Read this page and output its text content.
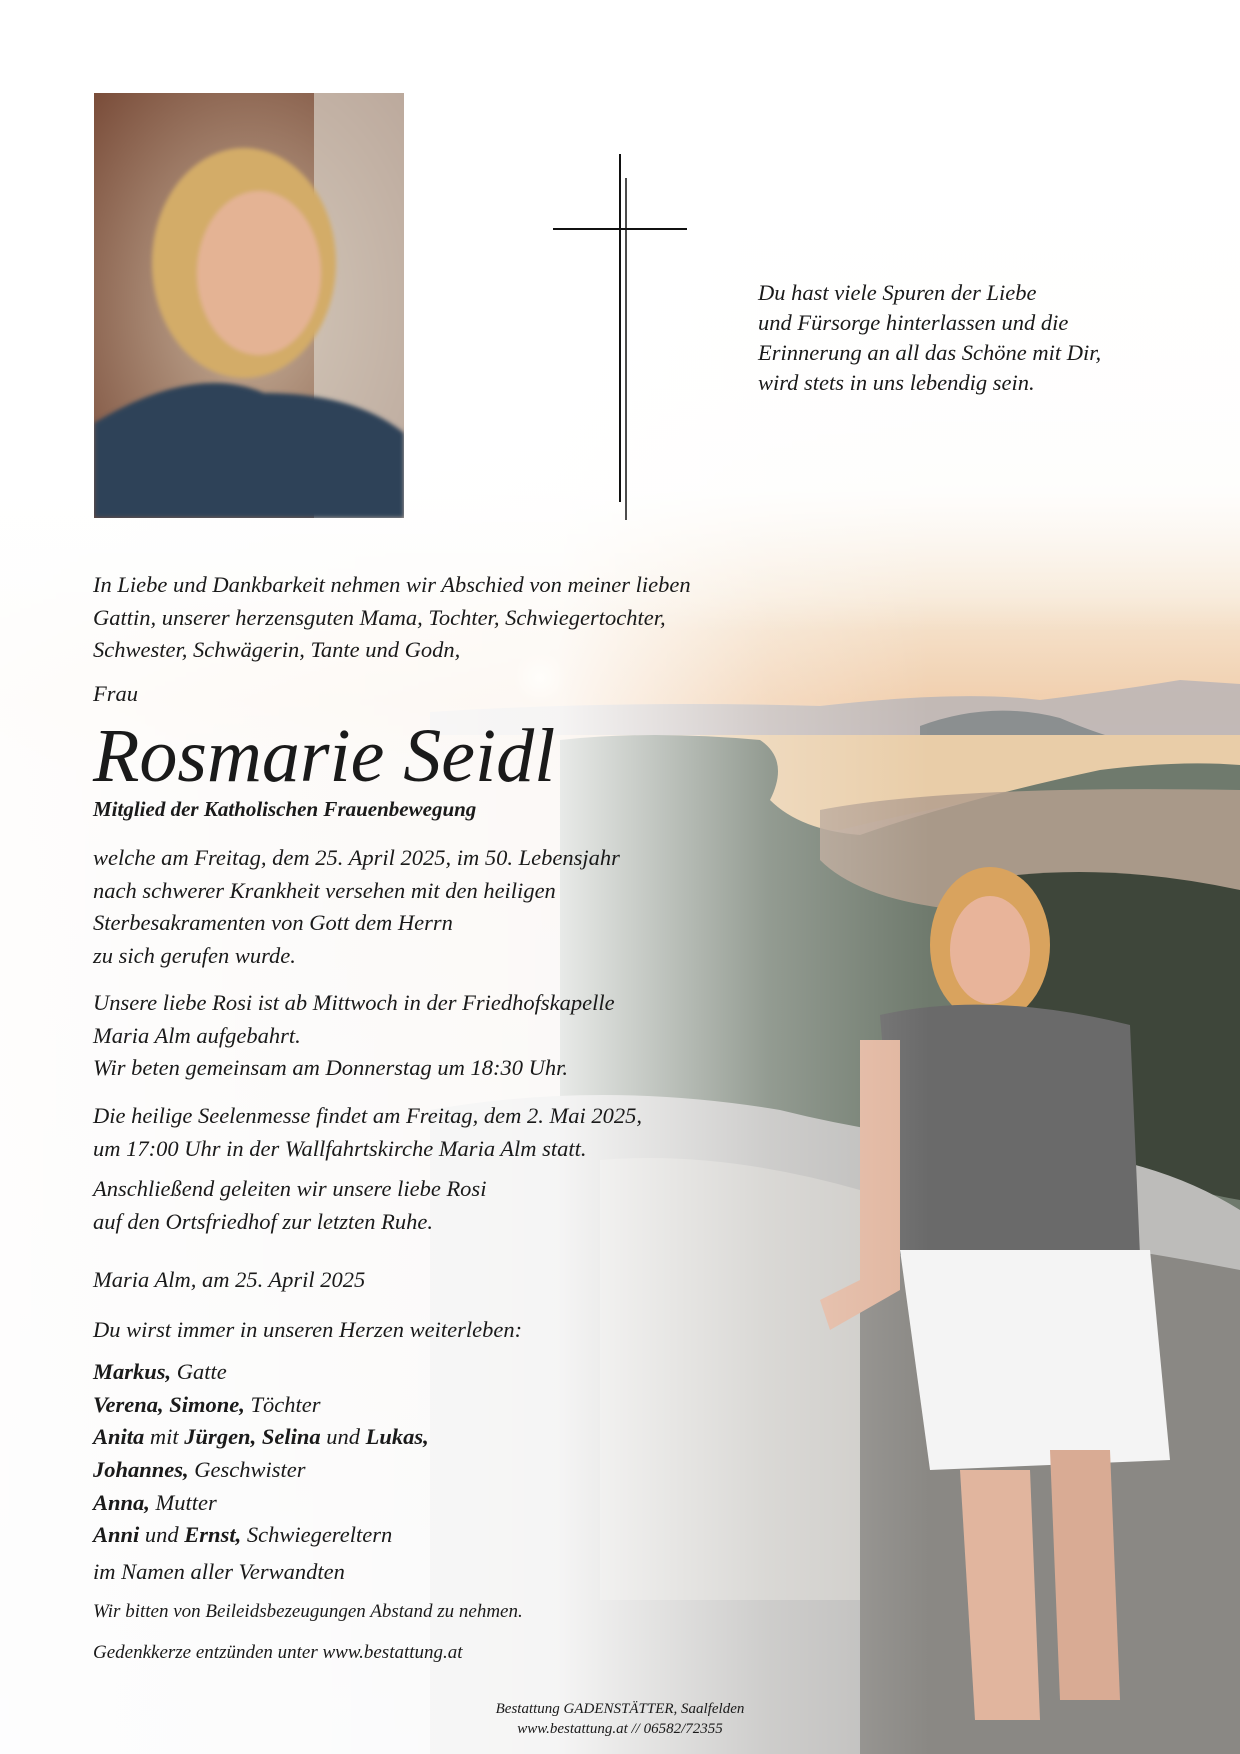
Du hast viele Spuren der Liebe

und Fürsorge hinterlassen und die

Erinnerung an all das Schöne mit Dir,

wird stets in uns lebendig sein.

In Liebe und Dankbarkeit nehmen wir Abschied von meiner lieben

Gattin, unserer herzensguten Mama, Tochter, Schwiegertochter,

Schwester, Schwägerin, Tante und Godn,

Frau
Rosmarie Seidl
Mitglied der Katholischen Frauenbewegung

welche am Freitag, dem 25. April 2025, im 50. Lebensjahr

nach schwerer Krankheit versehen mit den heiligen

Sterbesakramenten von Gott dem Herrn

zu sich gerufen wurde.

Unsere liebe Rosi ist ab Mittwoch in der Friedhofskapelle

Maria Alm aufgebahrt.

Wir beten gemeinsam am Donnerstag um 18:30 Uhr.

Die heilige Seelenmesse findet am Freitag, dem 2. Mai 2025,

um 17:00 Uhr in der Wallfahrtskirche Maria Alm statt.

Anschließend geleiten wir unsere liebe Rosi

auf den Ortsfriedhof zur letzten Ruhe.

Maria Alm, am 25. April 2025
Du wirst immer in unseren Herzen weiterleben:

Markus, Gatte

Verena, Simone, Töchter

Anita mit Jürgen, Selina und Lukas,

Johannes, Geschwister

Anna, Mutter

Anni und Ernst, Schwiegereltern

im Namen aller Verwandten

Wir bitten von Beileidsbezeugungen Abstand zu nehmen.
Gedenkkerze entzünden unter www.bestattung.at

Bestattung GADENSTÄTTER, Saalfelden

www.bestattung.at // 06582/72355
